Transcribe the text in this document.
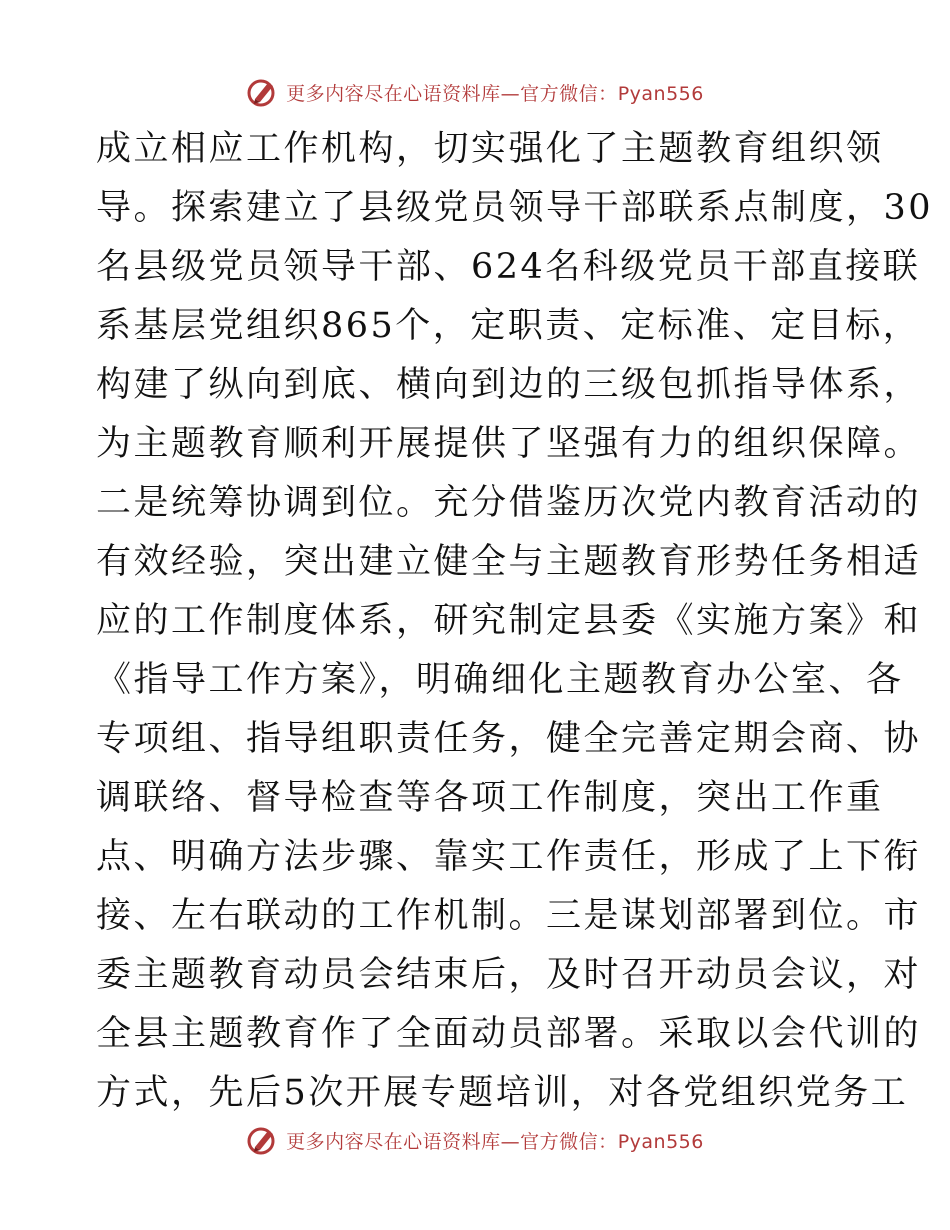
更多内容尽在心语资料库—官方微信：Pyan556
成立相应工作机构，切实强化了主题教育组织领
导。探索建立了县级党员领导干部联系点制度，30
名县级党员领导干部、624名科级党员干部直接联
系基层党组织865个，定职责、定标准、定目标，
构建了纵向到底、横向到边的三级包抓指导体系，
为主题教育顺利开展提供了坚强有力的组织保障。
二是统筹协调到位。充分借鉴历次党内教育活动的
有效经验，突出建立健全与主题教育形势任务相适
应的工作制度体系，研究制定县委《实施方案》和
《指导工作方案》，明确细化主题教育办公室、各
专项组、指导组职责任务，健全完善定期会商、协
调联络、督导检查等各项工作制度，突出工作重
点、明确方法步骤、靠实工作责任，形成了上下衔
接、左右联动的工作机制。三是谋划部署到位。市
委主题教育动员会结束后，及时召开动员会议，对
全县主题教育作了全面动员部署。采取以会代训的
方式，先后5次开展专题培训，对各党组织党务工
更多内容尽在心语资料库—官方微信：Pyan556
